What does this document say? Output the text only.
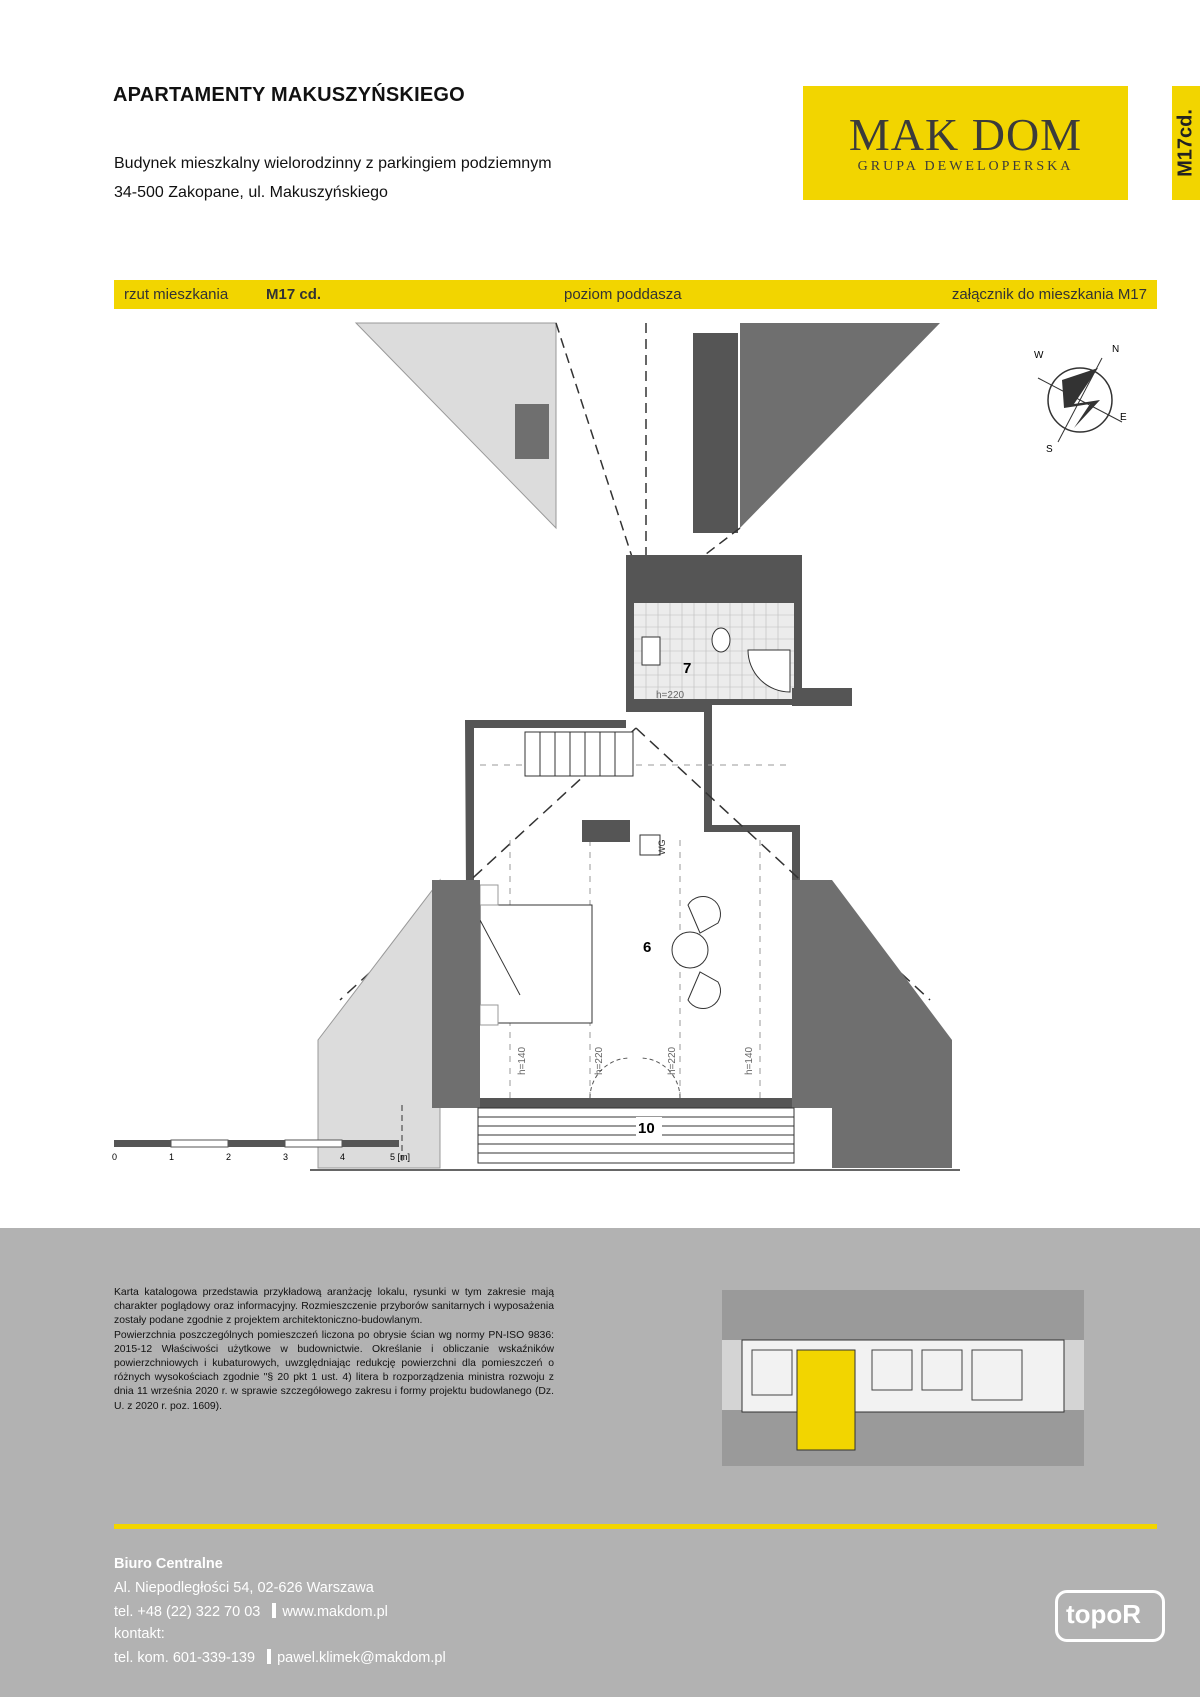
APARTAMENTY MAKUSZYŃSKIEGO
Budynek mieszkalny wielorodzinny z parkingiem podziemnym
34-500 Zakopane, ul. Makuszyńskiego
MAK DOM
GRUPA DEWELOPERSKA	M17cd.
rzut mieszkania	M17 cd.	poziom poddasza	załącznik do mieszkania M17
7
h=220
WG
6
h=140	h=220	h=220	h=140
10
N
E
S
W
0	1	2	3	4	5 [m]

Karta katalogowa przedstawia przykładową aranżację lokalu, rysunki w tym zakresie mają charakter poglądowy oraz informacyjny. Rozmieszczenie przyborów sanitarnych i wyposażenia zostały podane zgodnie z projektem architektoniczno-budowlanym.

Powierzchnia poszczególnych pomieszczeń liczona po obrysie ścian wg normy PN-ISO 9836: 2015-12 Właściwości użytkowe w budownictwie. Określanie i obliczanie wskaźników powierzchniowych i kubaturowych, uwzględniając redukcję powierzchni dla pomieszczeń o różnych wysokościach zgodnie "§ 20 pkt 1 ust. 4) litera b rozporządzenia ministra rozwoju z dnia 11 września 2020 r. w sprawie szczegółowego zakresu i formy projektu budowlanego (Dz. U. z 2020 r. poz. 1609).

Biuro Centralne
Al. Niepodległości 54, 02-626 Warszawa
tel. +48 (22) 322 70 03 www.makdom.pl
kontakt:
tel. kom. 601-339-139 pawel.klimek@makdom.pl
topoR
